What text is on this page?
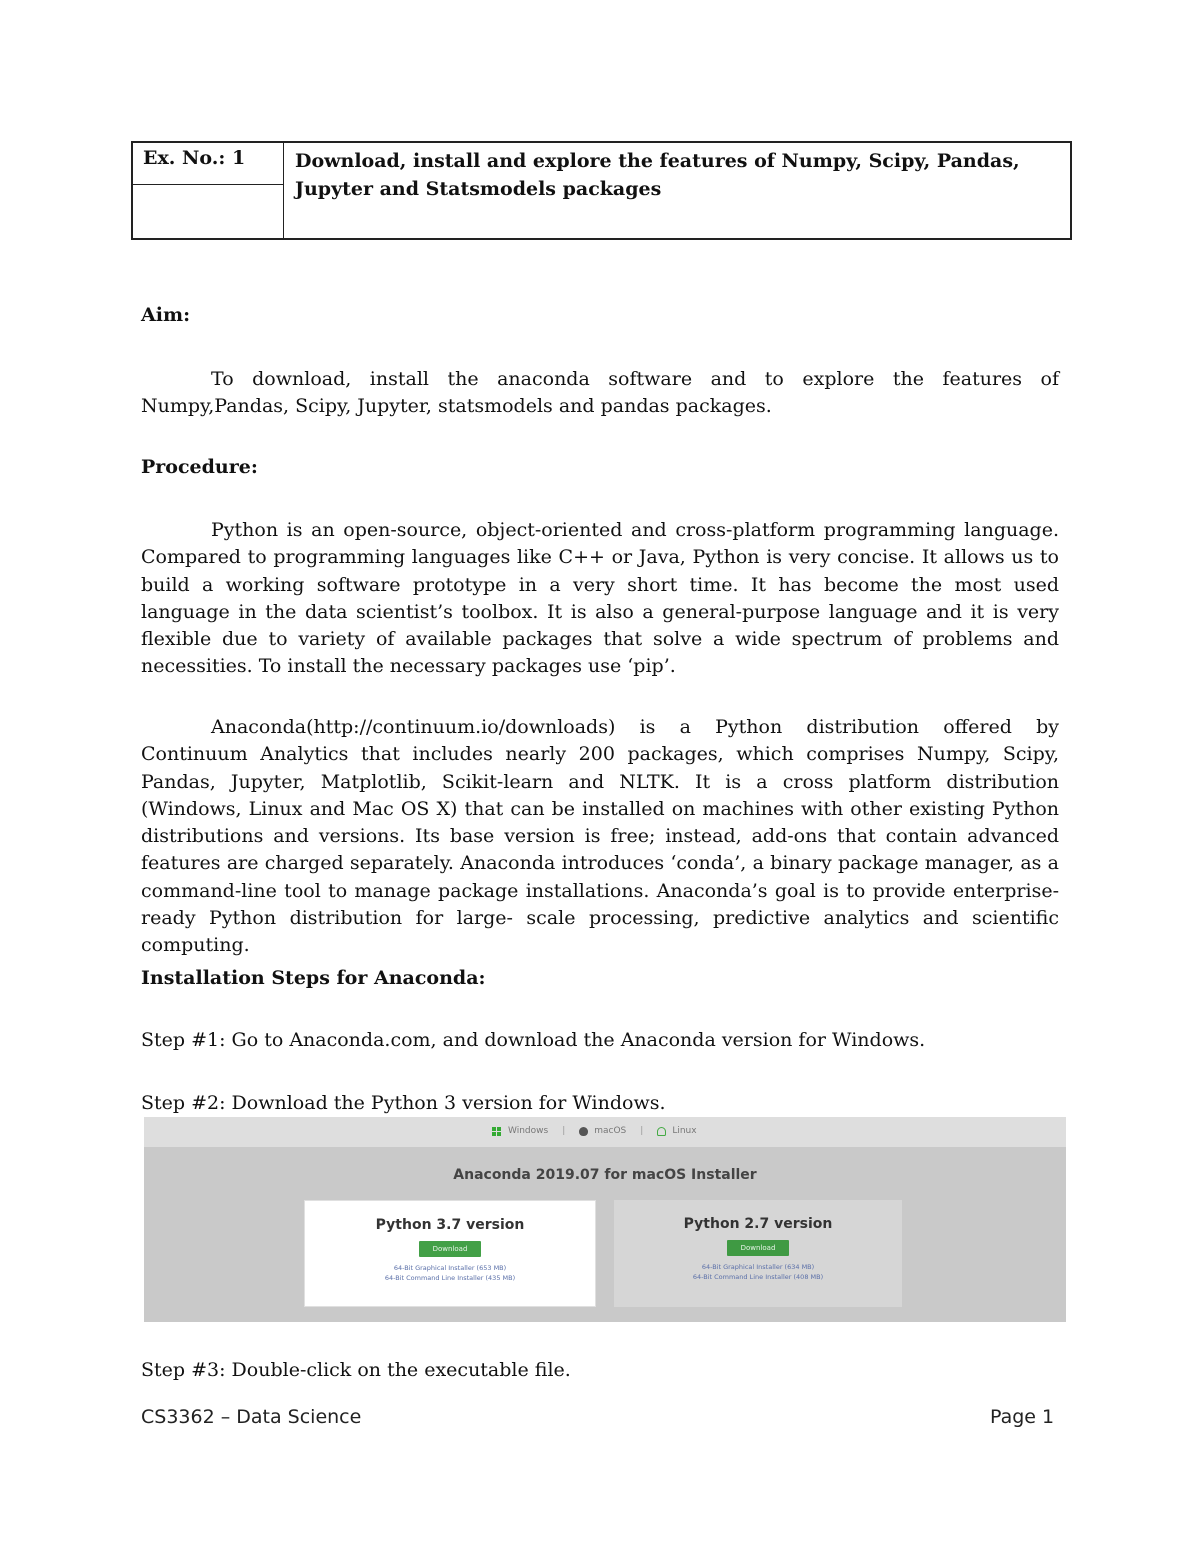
Ex. No.: 1	Download, install and explore the features of Numpy, Scipy, Pandas, Jupyter and Statsmodels packages
Aim:
To download, install the anaconda software and to explore the features of Numpy,Pandas, Scipy, Jupyter, statsmodels and pandas packages.
Procedure:
Python is an open-source, object-oriented and cross-platform programming language. Compared to programming languages like C++ or Java, Python is very concise. It allows us to build a working software prototype in a very short time. It has become the most used language in the data scientist’s toolbox. It is also a general-purpose language and it is very flexible due to variety of available packages that solve a wide spectrum of problems and necessities. To install the necessary packages use ‘pip’.
Anaconda(http://continuum.io/downloads) is a Python distribution offered by Continuum Analytics that includes nearly 200 packages, which comprises Numpy, Scipy, Pandas, Jupyter, Matplotlib, Scikit-learn and NLTK. It is a cross platform distribution (Windows, Linux and Mac OS X) that can be installed on machines with other existing Python distributions and versions. Its base version is free; instead, add-ons that contain advanced features are charged separately. Anaconda introduces ‘conda’, a binary package manager, as a command-line tool to manage package installations. Anaconda’s goal is to provide enterprise-ready Python distribution for large- scale processing, predictive analytics and scientific computing.
Installation Steps for Anaconda:
Step #1: Go to Anaconda.com, and download the Anaconda version for Windows.
Step #2: Download the Python 3 version for Windows.
Windows |	macOS |	Linux
Anaconda 2019.07 for macOS Installer
Python 3.7 version
Download
64-Bit Graphical Installer (653 MB)
64-Bit Command Line Installer (435 MB)
Python 2.7 version
Download
64-Bit Graphical Installer (634 MB)
64-Bit Command Line Installer (408 MB)
Step #3: Double-click on the executable file.
CS3362 – Data Science	Page 1
